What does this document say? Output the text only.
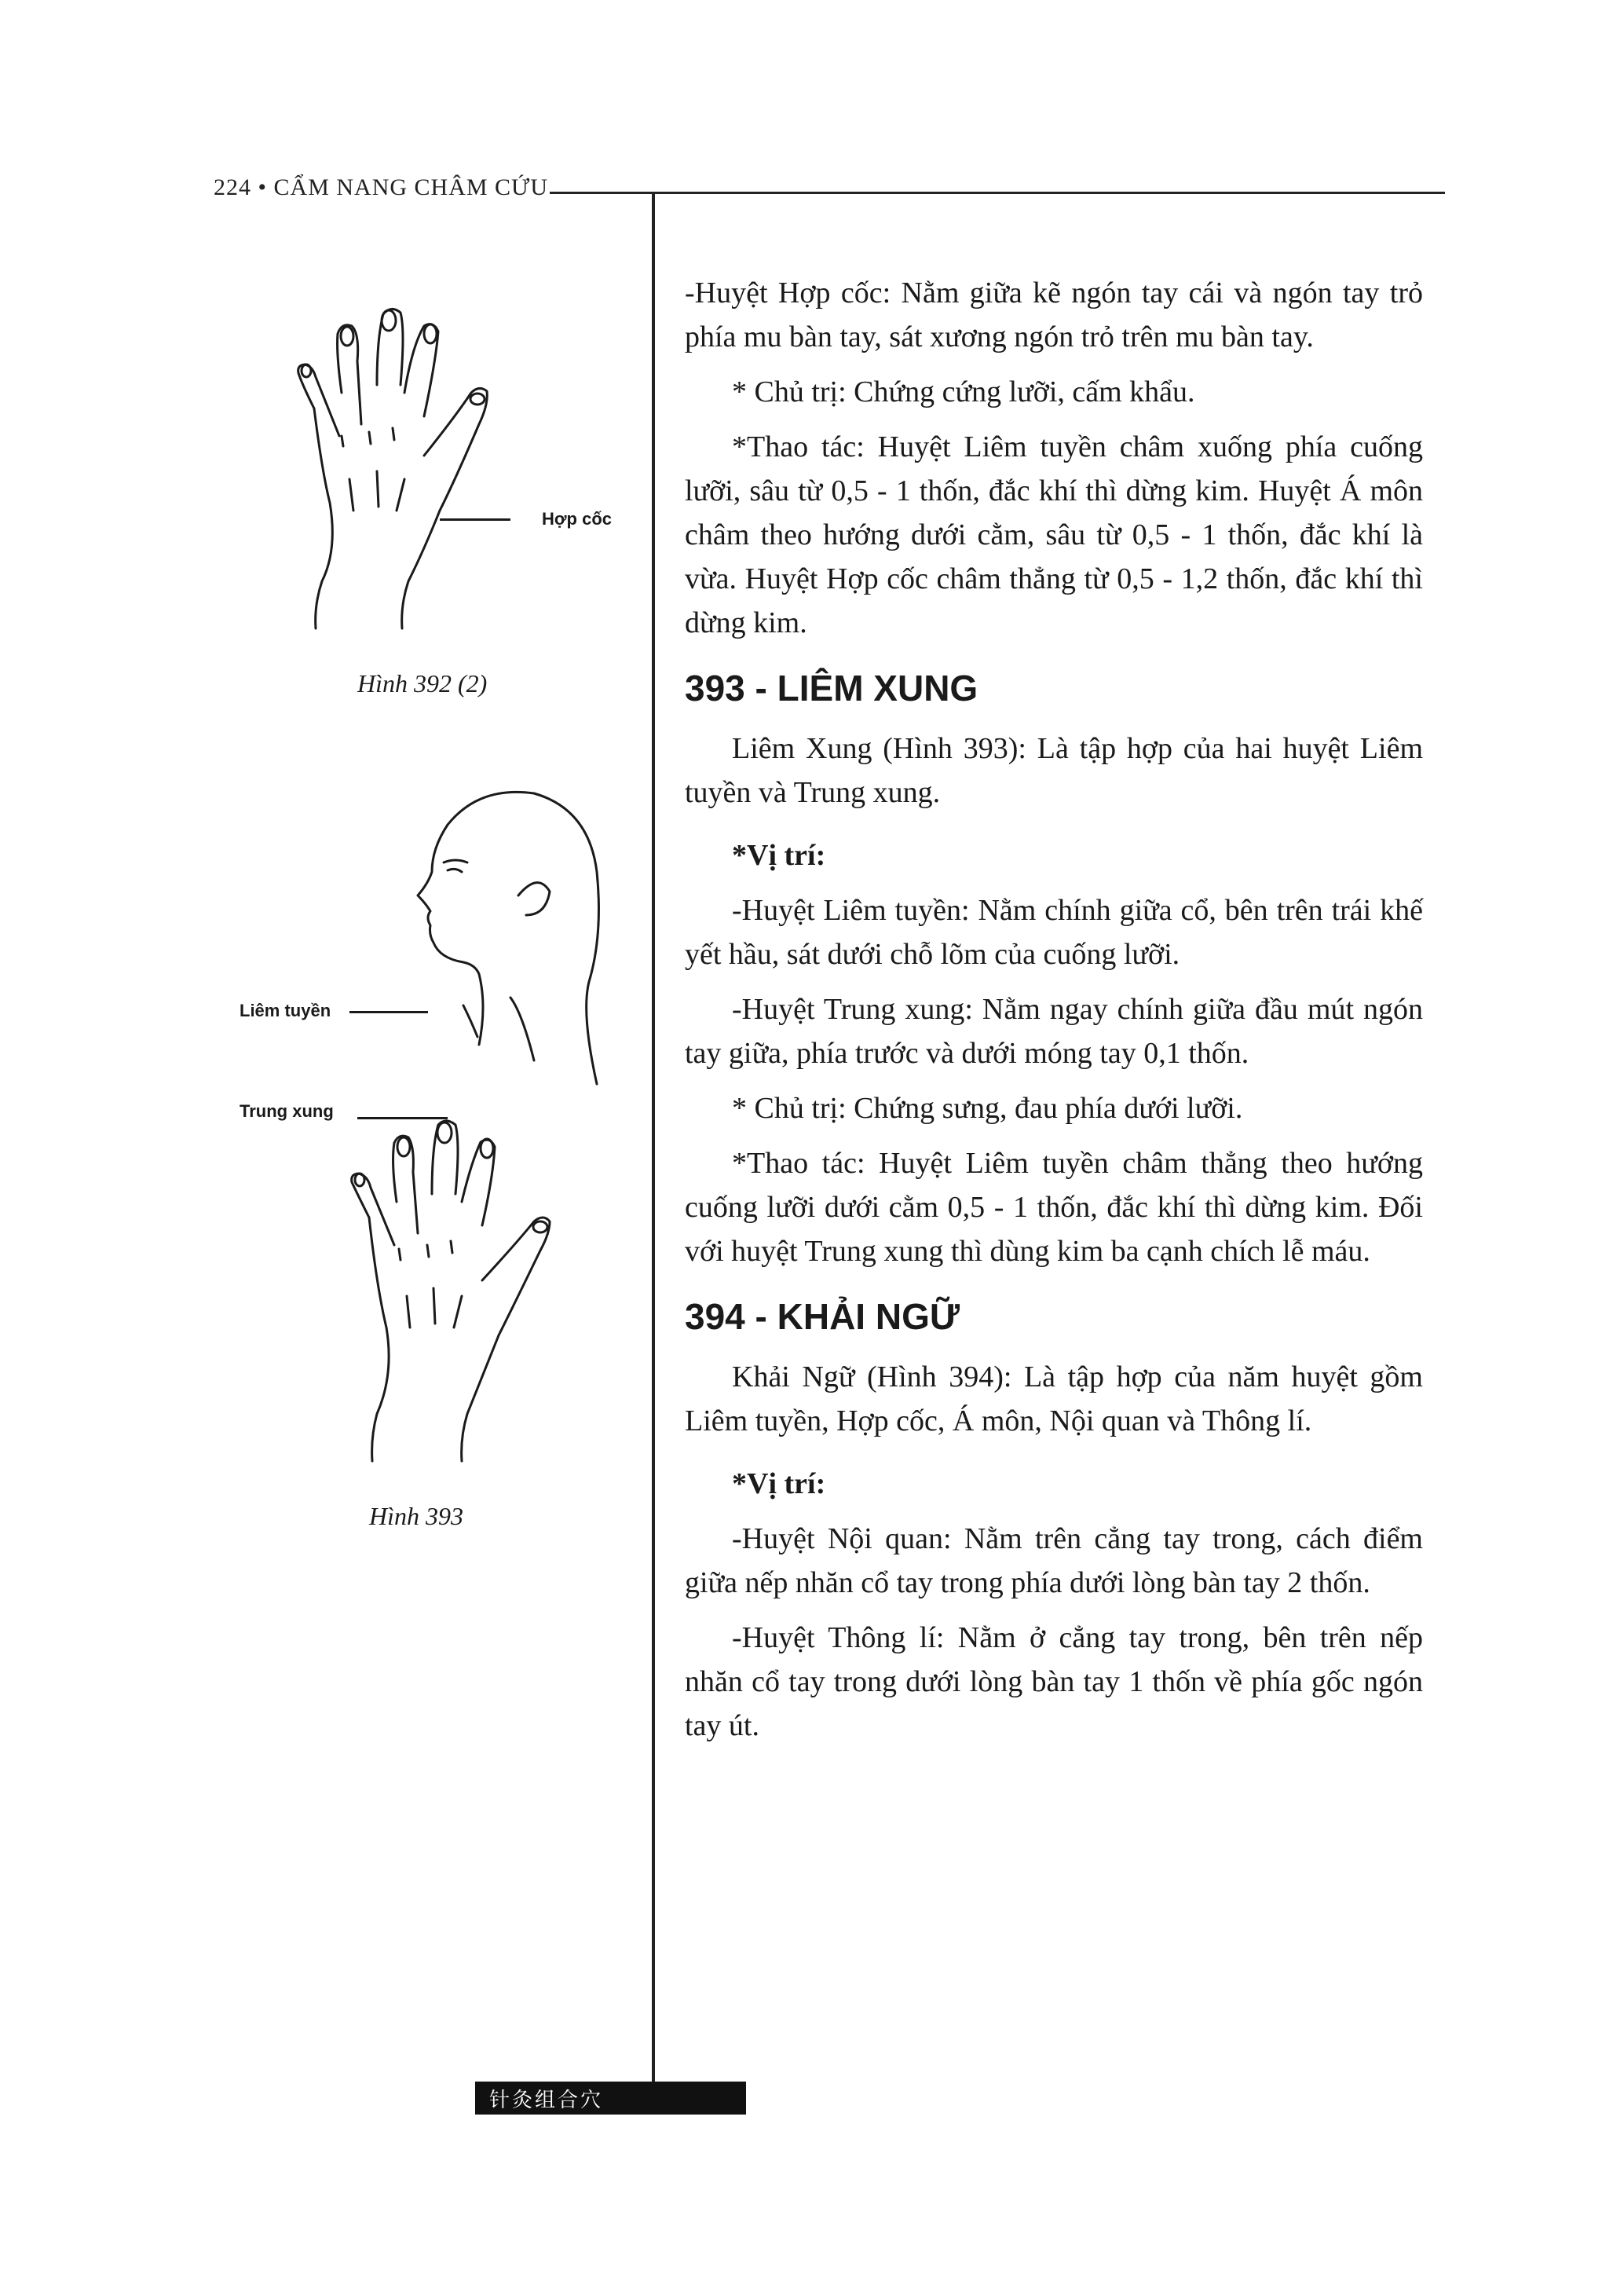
224 • CẨM NANG CHÂM CỨU
Hợp cốc
Hình 392 (2)
Liêm tuyền
Trung xung
Hình 393

-Huyệt Hợp cốc: Nằm giữa kẽ ngón tay cái và ngón tay trỏ phía mu bàn tay, sát xương ngón trỏ trên mu bàn tay.

* Chủ trị: Chứng cứng lưỡi, cấm khẩu.

*Thao tác: Huyệt Liêm tuyền châm xuống phía cuống lưỡi, sâu từ 0,5 - 1 thốn, đắc khí thì dừng kim. Huyệt Á môn châm theo hướng dưới cằm, sâu từ 0,5 - 1 thốn, đắc khí là vừa. Huyệt Hợp cốc châm thẳng từ 0,5 - 1,2 thốn, đắc khí thì dừng kim.

393 - LIÊM XUNG

Liêm Xung (Hình 393): Là tập hợp của hai huyệt Liêm tuyền và Trung xung.

*Vị trí:

-Huyệt Liêm tuyền: Nằm chính giữa cổ, bên trên trái khế yết hầu, sát dưới chỗ lõm của cuống lưỡi.

-Huyệt Trung xung: Nằm ngay chính giữa đầu mút ngón tay giữa, phía trước và dưới móng tay 0,1 thốn.

* Chủ trị: Chứng sưng, đau phía dưới lưỡi.

*Thao tác: Huyệt Liêm tuyền châm thẳng theo hướng cuống lưỡi dưới cằm 0,5 - 1 thốn, đắc khí thì dừng kim. Đối với huyệt Trung xung thì dùng kim ba cạnh chích lễ máu.

394 - KHẢI NGỮ

Khải Ngữ (Hình 394): Là tập hợp của năm huyệt gồm Liêm tuyền, Hợp cốc, Á môn, Nội quan và Thông lí.

*Vị trí:

-Huyệt Nội quan: Nằm trên cẳng tay trong, cách điểm giữa nếp nhăn cổ tay trong phía dưới lòng bàn tay 2 thốn.

-Huyệt Thông lí: Nằm ở cẳng tay trong, bên trên nếp nhăn cổ tay trong dưới lòng bàn tay 1 thốn về phía gốc ngón tay út.

针灸组合穴
